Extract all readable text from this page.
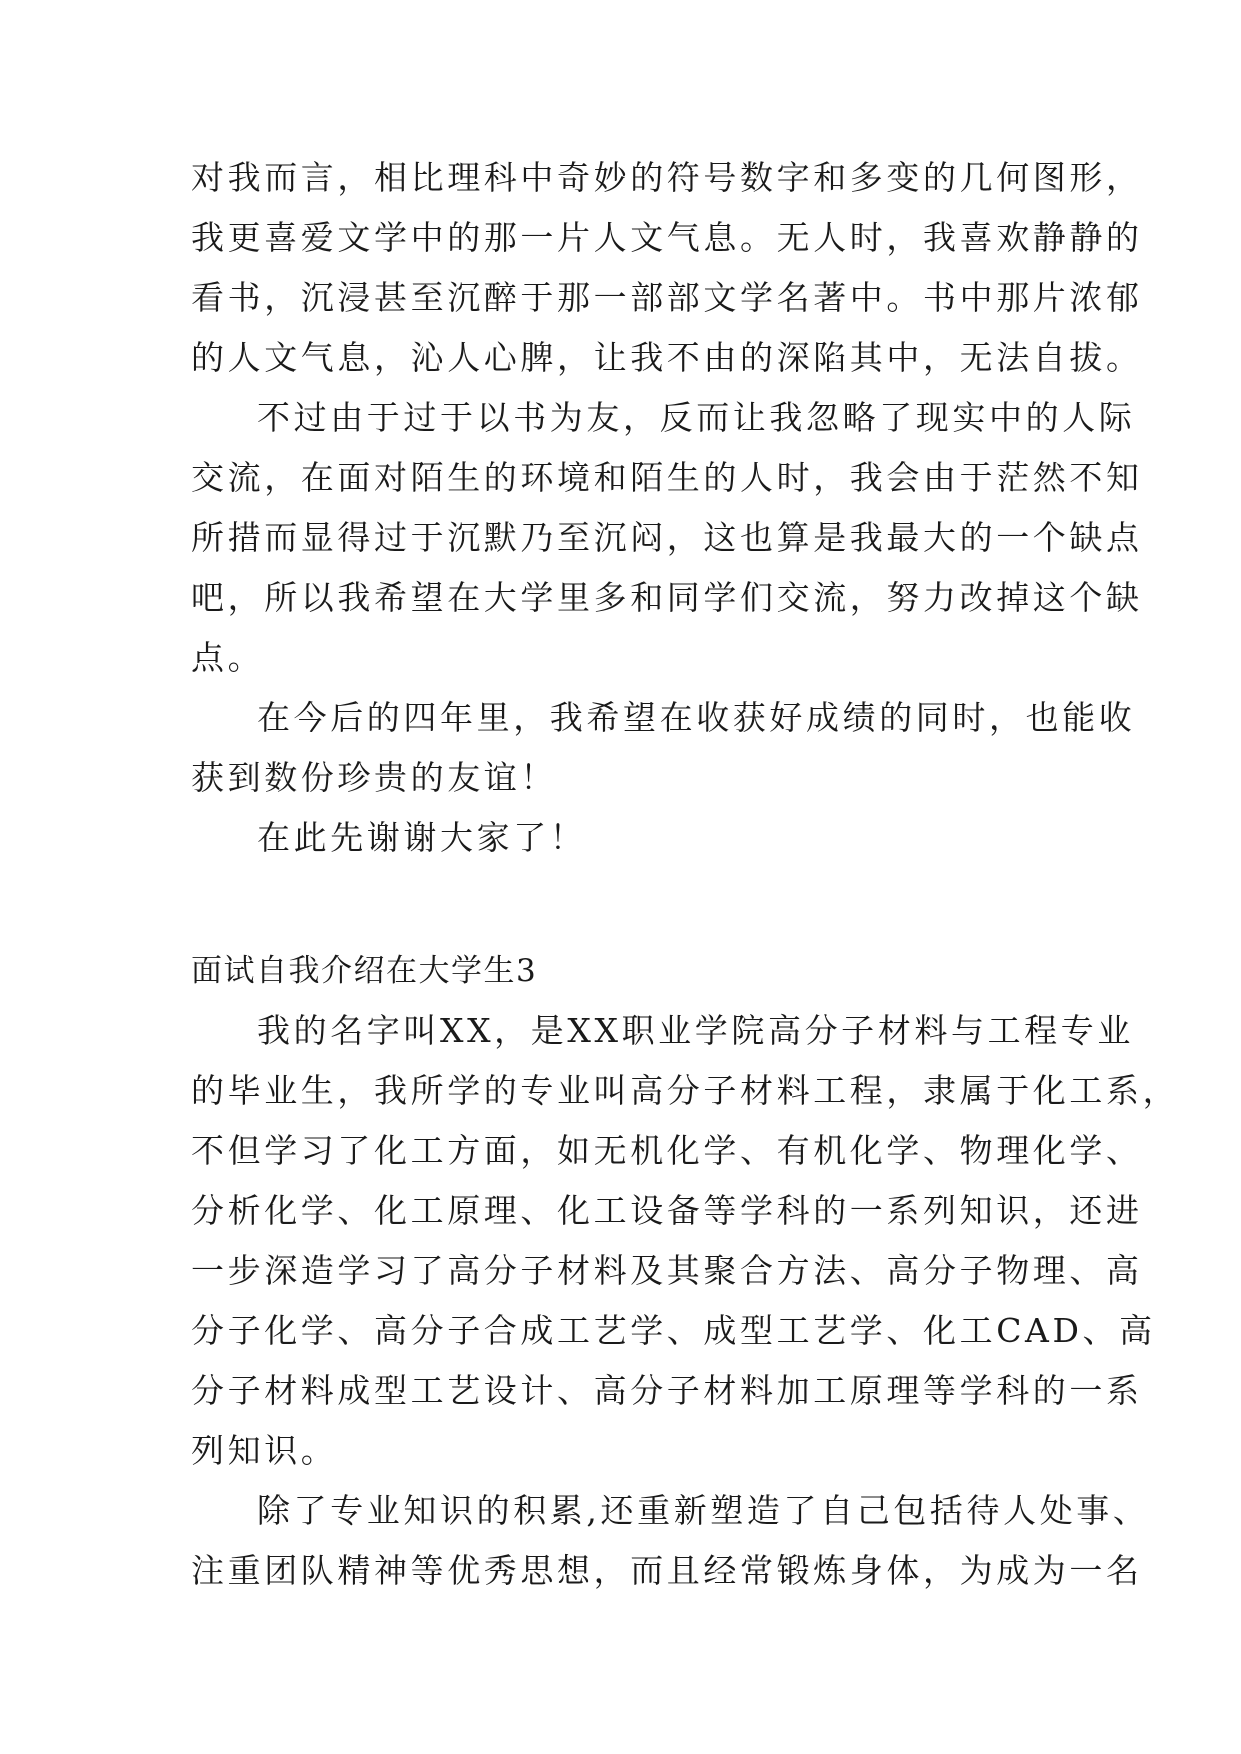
对我而言，相比理科中奇妙的符号数字和多变的几何图形，
我更喜爱文学中的那一片人文气息。无人时，我喜欢静静的
看书，沉浸甚至沉醉于那一部部文学名著中。书中那片浓郁
的人文气息，沁人心脾，让我不由的深陷其中，无法自拔。
不过由于过于以书为友，反而让我忽略了现实中的人际
交流，在面对陌生的环境和陌生的人时，我会由于茫然不知
所措而显得过于沉默乃至沉闷，这也算是我最大的一个缺点
吧，所以我希望在大学里多和同学们交流，努力改掉这个缺
点。
在今后的四年里，我希望在收获好成绩的同时，也能收
获到数份珍贵的友谊！
在此先谢谢大家了！
面试自我介绍在大学生3
我的名字叫XX，是XX职业学院高分子材料与工程专业
的毕业生，我所学的专业叫高分子材料工程，隶属于化工系，
不但学习了化工方面，如无机化学、有机化学、物理化学、
分析化学、化工原理、化工设备等学科的一系列知识，还进
一步深造学习了高分子材料及其聚合方法、高分子物理、高
分子化学、高分子合成工艺学、成型工艺学、化工CAD、高
分子材料成型工艺设计、高分子材料加工原理等学科的一系
列知识。
除了专业知识的积累,还重新塑造了自己包括待人处事、
注重团队精神等优秀思想，而且经常锻炼身体，为成为一名
